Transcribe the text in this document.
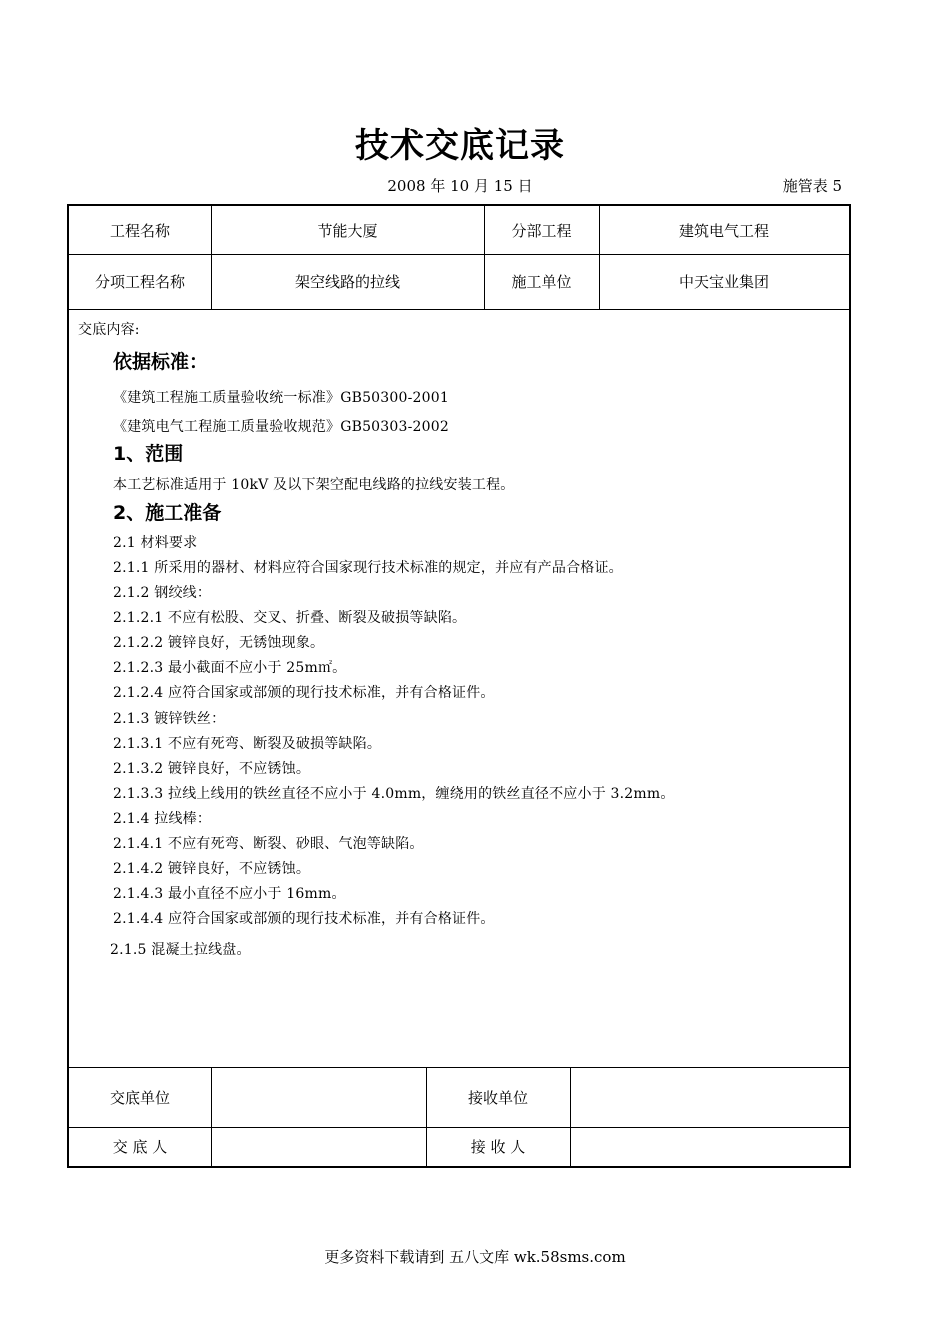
技术交底记录
2008 年 10 月 15 日	施管表 5
工程名称	节能大厦	分部工程	建筑电气工程
分项工程名称	架空线路的拉线	施工单位	中天宝业集团
交底内容:
依据标准：
《建筑工程施工质量验收统一标准》GB50300-2001
《建筑电气工程施工质量验收规范》GB50303-2002
1、范围
本工艺标准适用于 10kV 及以下架空配电线路的拉线安装工程。
2、施工准备
2.1 材料要求
2.1.1 所采用的器材、材料应符合国家现行技术标准的规定，并应有产品合格证。
2.1.2 钢绞线：
2.1.2.1 不应有松股、交叉、折叠、断裂及破损等缺陷。
2.1.2.2 镀锌良好，无锈蚀现象。
2.1.2.3 最小截面不应小于 25m㎡。
2.1.2.4 应符合国家或部颁的现行技术标准，并有合格证件。
2.1.3 镀锌铁丝：
2.1.3.1 不应有死弯、断裂及破损等缺陷。
2.1.3.2 镀锌良好，不应锈蚀。
2.1.3.3 拉线上线用的铁丝直径不应小于 4.0mm，缠绕用的铁丝直径不应小于 3.2mm。
2.1.4 拉线棒：
2.1.4.1 不应有死弯、断裂、砂眼、气泡等缺陷。
2.1.4.2 镀锌良好，不应锈蚀。
2.1.4.3 最小直径不应小于 16mm。
2.1.4.4 应符合国家或部颁的现行技术标准，并有合格证件。
2.1.5 混凝土拉线盘。
交底单位	接收单位
交 底 人	接 收 人
更多资料下载请到 五八文库 wk.58sms.com
